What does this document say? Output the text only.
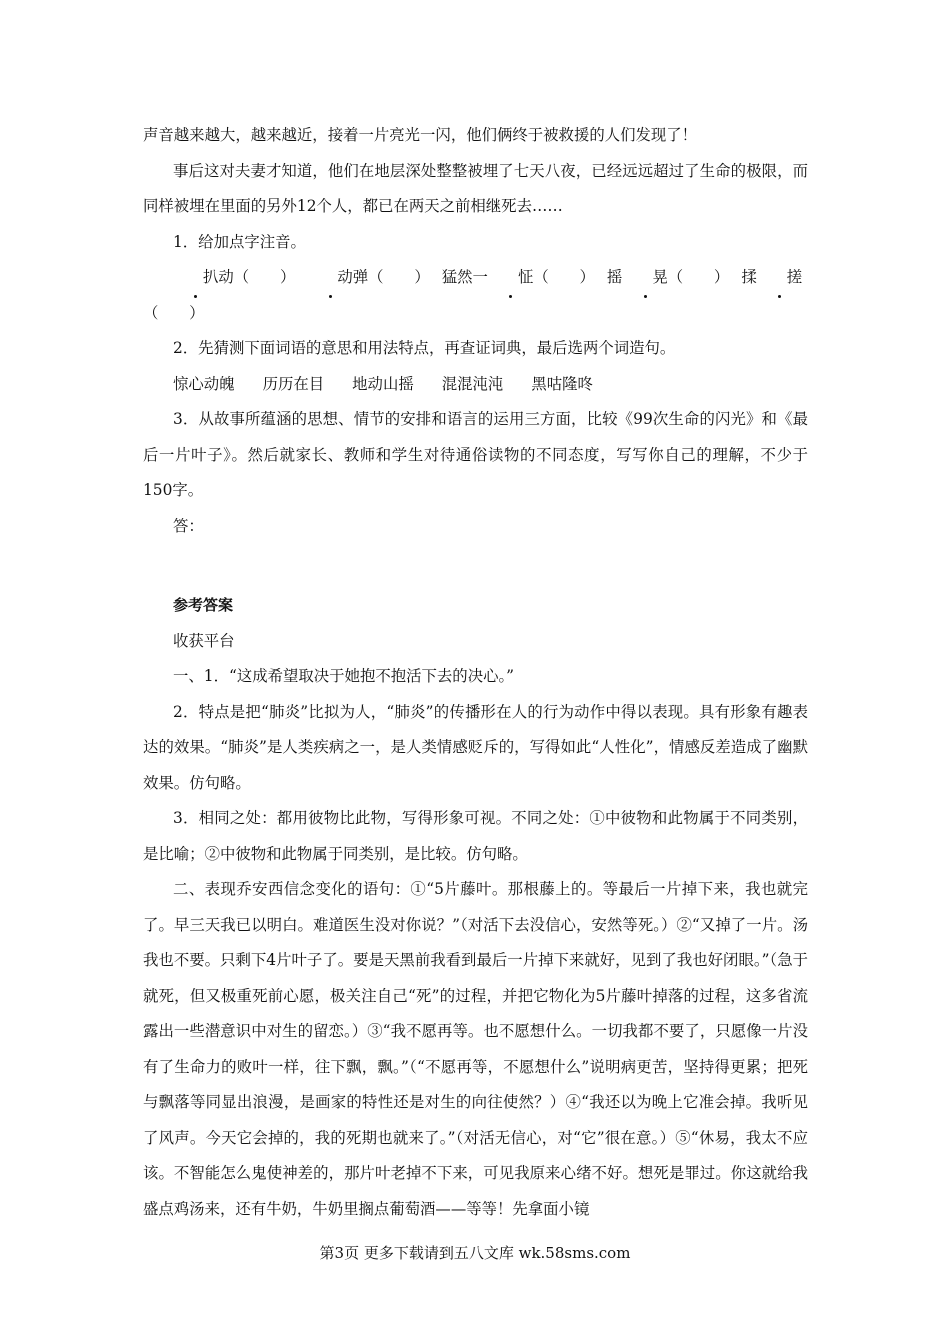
声音越来越大，越来越近，接着一片亮光一闪，他们俩终于被救援的人们发现了！

事后这对夫妻才知道，他们在地层深处整整被埋了七天八夜，已经远远超过了生命的极限，而同样被埋在里面的另外12个人，都已在两天之前相继死去……

1．给加点字注音。

扒动（　　）	动弹（　　） 猛然一 怔（　　） 摇 晃（　　） 揉 搓（　　）

2．先猜测下面词语的意思和用法特点，再查证词典，最后选两个词造句。

惊心动魄 历历在目 地动山摇 混混沌沌 黑咕隆咚

3．从故事所蕴涵的思想、情节的安排和语言的运用三方面，比较《99次生命的闪光》和《最后一片叶子》。然后就家长、教师和学生对待通俗读物的不同态度，写写你自己的理解，不少于150字。

答：

参考答案

收获平台

一、1．“这成希望取决于她抱不抱活下去的决心。”

2．特点是把“肺炎”比拟为人，“肺炎”的传播形在人的行为动作中得以表现。具有形象有趣表达的效果。“肺炎”是人类疾病之一，是人类情感贬斥的，写得如此“人性化”，情感反差造成了幽默效果。仿句略。

3．相同之处：都用彼物比此物，写得形象可视。不同之处：①中彼物和此物属于不同类别，是比喻；②中彼物和此物属于同类别，是比较。仿句略。

二、表现乔安西信念变化的语句：①“5片藤叶。那根藤上的。等最后一片掉下来，我也就完了。早三天我已以明白。难道医生没对你说？”（对活下去没信心，安然等死。）②“又掉了一片。汤我也不要。只剩下4片叶子了。要是天黑前我看到最后一片掉下来就好，见到了我也好闭眼。”（急于就死，但又极重死前心愿，极关注自己“死”的过程，并把它物化为5片藤叶掉落的过程，这多省流露出一些潜意识中对生的留恋。）③“我不愿再等。也不愿想什么。一切我都不要了，只愿像一片没有了生命力的败叶一样，往下飘，飘。”（“不愿再等，不愿想什么”说明病更苦，坚持得更累；把死与飘落等同显出浪漫，是画家的特性还是对生的向往使然？）④“我还以为晚上它准会掉。我听见了风声。今天它会掉的，我的死期也就来了。”（对活无信心，对“它”很在意。）⑤“休易，我太不应该。不智能怎么鬼使神差的，那片叶老掉不下来，可见我原来心绪不好。想死是罪过。你这就给我盛点鸡汤来，还有牛奶，牛奶里搁点葡萄酒——等等！先拿面小镜

第3页 更多下载请到五八文库 wk.58sms.com
